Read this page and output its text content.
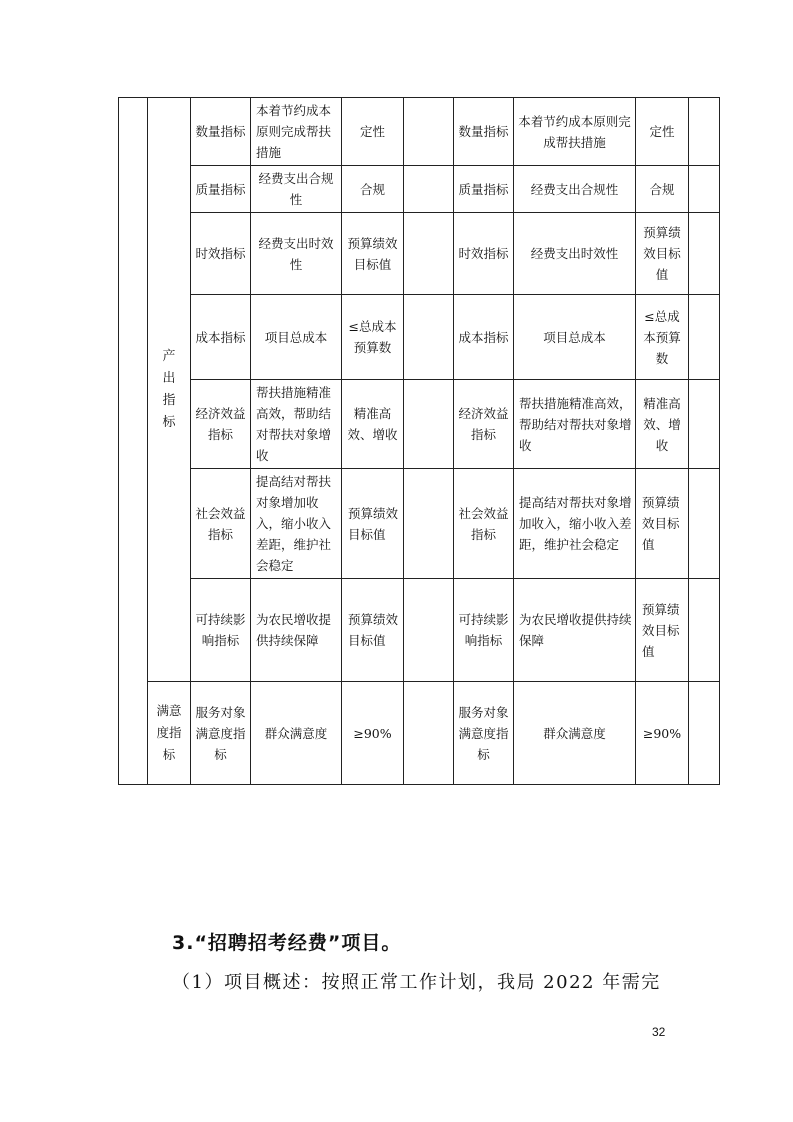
	产出指标	数量指标	本着节约成本原则完成帮扶措施	定性		数量指标	本着节约成本原则完成帮扶措施	定性	
		质量指标	经费支出合规性	合规		质量指标	经费支出合规性	合规	
		时效指标	经费支出时效性	预算绩效目标值		时效指标	经费支出时效性	预算绩效目标值	
		成本指标	项目总成本	≤总成本预算数		成本指标	项目总成本	≤总成本预算数	
		经济效益指标	帮扶措施精准高效，帮助结对帮扶对象增收	精准高效、增收		经济效益指标	帮扶措施精准高效，帮助结对帮扶对象增收	精准高效、增收	
		社会效益指标	提高结对帮扶对象增加收入，缩小收入差距，维护社会稳定	预算绩效目标值		社会效益指标	提高结对帮扶对象增加收入，缩小收入差距，维护社会稳定	预算绩效目标值	
		可持续影响指标	为农民增收提供持续保障	预算绩效目标值		可持续影响指标	为农民增收提供持续保障	预算绩效目标值	

	满意度指标	服务对象满意度指标	群众满意度	≥90%		服务对象满意度指标	群众满意度	≥90%	
3.“招聘招考经费”项目。
（1）项目概述：按照正常工作计划，我局 2022 年需完
32
